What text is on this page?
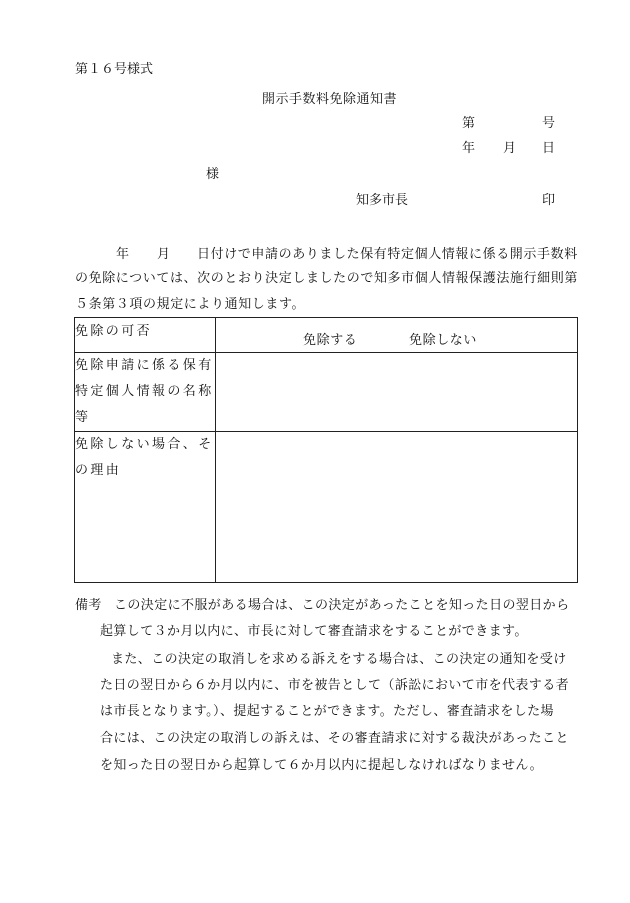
第１６号様式
開示手数料免除通知書
第	号
年 月 日
様
知多市長	印
年 月 日付けで申請のありました保有特定個人情報に係る開示手数料
の免除については、次のとおり決定しましたので知多市個人情報保護法施行細則第
５条第３項の規定により通知します。
免除の可否	免除する 免除しない

免除申請に係る保有特定個人情報の名称等	
免除しない場合、その理由	
備考 この決定に不服がある場合は、この決定があったことを知った日の翌日から
起算して３か月以内に、市長に対して審査請求をすることができます。
また、この決定の取消しを求める訴えをする場合は、この決定の通知を受け
た日の翌日から６か月以内に、市を被告として（訴訟において市を代表する者
は市長となります。）、提起することができます。ただし、審査請求をした場
合には、この決定の取消しの訴えは、その審査請求に対する裁決があったこと
を知った日の翌日から起算して６か月以内に提起しなければなりません。
